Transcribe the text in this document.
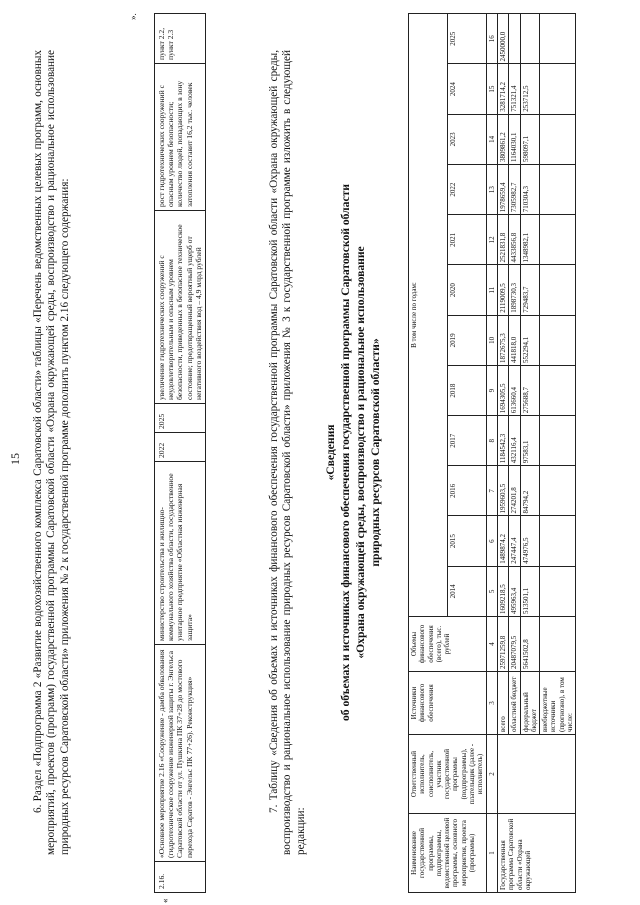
15 6. Раздел «Подпрограмма 2 «Развитие водохозяйственного комплекса Саратовской области» таблицы «Перечень ведомственных целевых программ, основных мероприятий, проектов (программ) государственной программы Саратовской области «Охрана окружающей среды, воспроизводство и рациональное использование природных ресурсов Саратовской области» приложения № 2 к государственной программе дополнить пунктом 2.16 следующего содержания:

«
».
2.16.	«Основное мероприятие 2.16 «Сооружение - дамба обвалования (гидротехническое сооружение инженерной защиты г. Энгельса Саратовской области от ул. Пушкина ПК 37+28 до мостового перехода Саратов - Энгельс ПК 77+26). Реконструкция»	министерство строительства и жилищно-коммунального хозяйства области, государственное унитарное предприятие «Областная инженерная защита»	2022	2025	увеличение гидротехнических сооружений с неудовлетворительным и опасным уровнем безопасности, приведенных в безопасное техническое состояние; предотвращенный вероятный ущерб от негативного воздействия вод – 4,9 млрд рублей	рост гидротехнических сооружений с опасным уровнем безопасности; количество людей, попадающих в зону затопления составит 16,2 тыс. человек	пункт 2.2, пункт 2.3

7. Таблицу «Сведения об объемах и источниках финансового обеспечения государственной программы Саратовской области «Охрана окружающей среды, воспроизводство и рациональное использование природных ресурсов Саратовской области» приложения № 3 к государственной программе изложить в следующей редакции:

«Сведения об объемах и источниках финансового обеспечения государственной программы Саратовской области «Охрана окружающей среды, воспроизводство и рациональное использование природных ресурсов Саратовской области»

Наименование государственной программы, подпрограммы, ведомственной целевой программы, основного мероприятия, проекта (программы)	Ответственный исполнитель, соисполнитель, участник государственной программы (подпрограммы), плательщик (далее - исполнитель)	Источники финансового обеспечения	Объемы финансового обеспечения (всего), тыс. рублей	В том числе по годам:											
				2014	2015	2016	2017	2018	2019	2020	2021	2022	2023	2024	2025
1	2	3	4	5	6	7	8	9	10	11	12	13	14	15	16
Государственная программа Саратовской области «Охрана окружающей		всего	25971259,8	1609218,5	1489874,2	1959603,5	1184542,3	1694305,5	1872675,3	2119009,5	2521831,8	1978659,4	3809861,2	3281714,2	2450000,0
		областной бюджет	20487079,5	495963,4	247447,4	274201,8	432116,4	613660,4	441818,0	1898730,3	4433856,8	7305982,7	1164030,1	751321,4	
		федеральный бюджет	5641502,8	513501,1	474976,5	84794,2	97583,1	275688,7	552294,1	729483,7	1348982,1	710304,3	598097,1	253712,5	
		внебюджетные источники (прогнозно), в том числе:													
